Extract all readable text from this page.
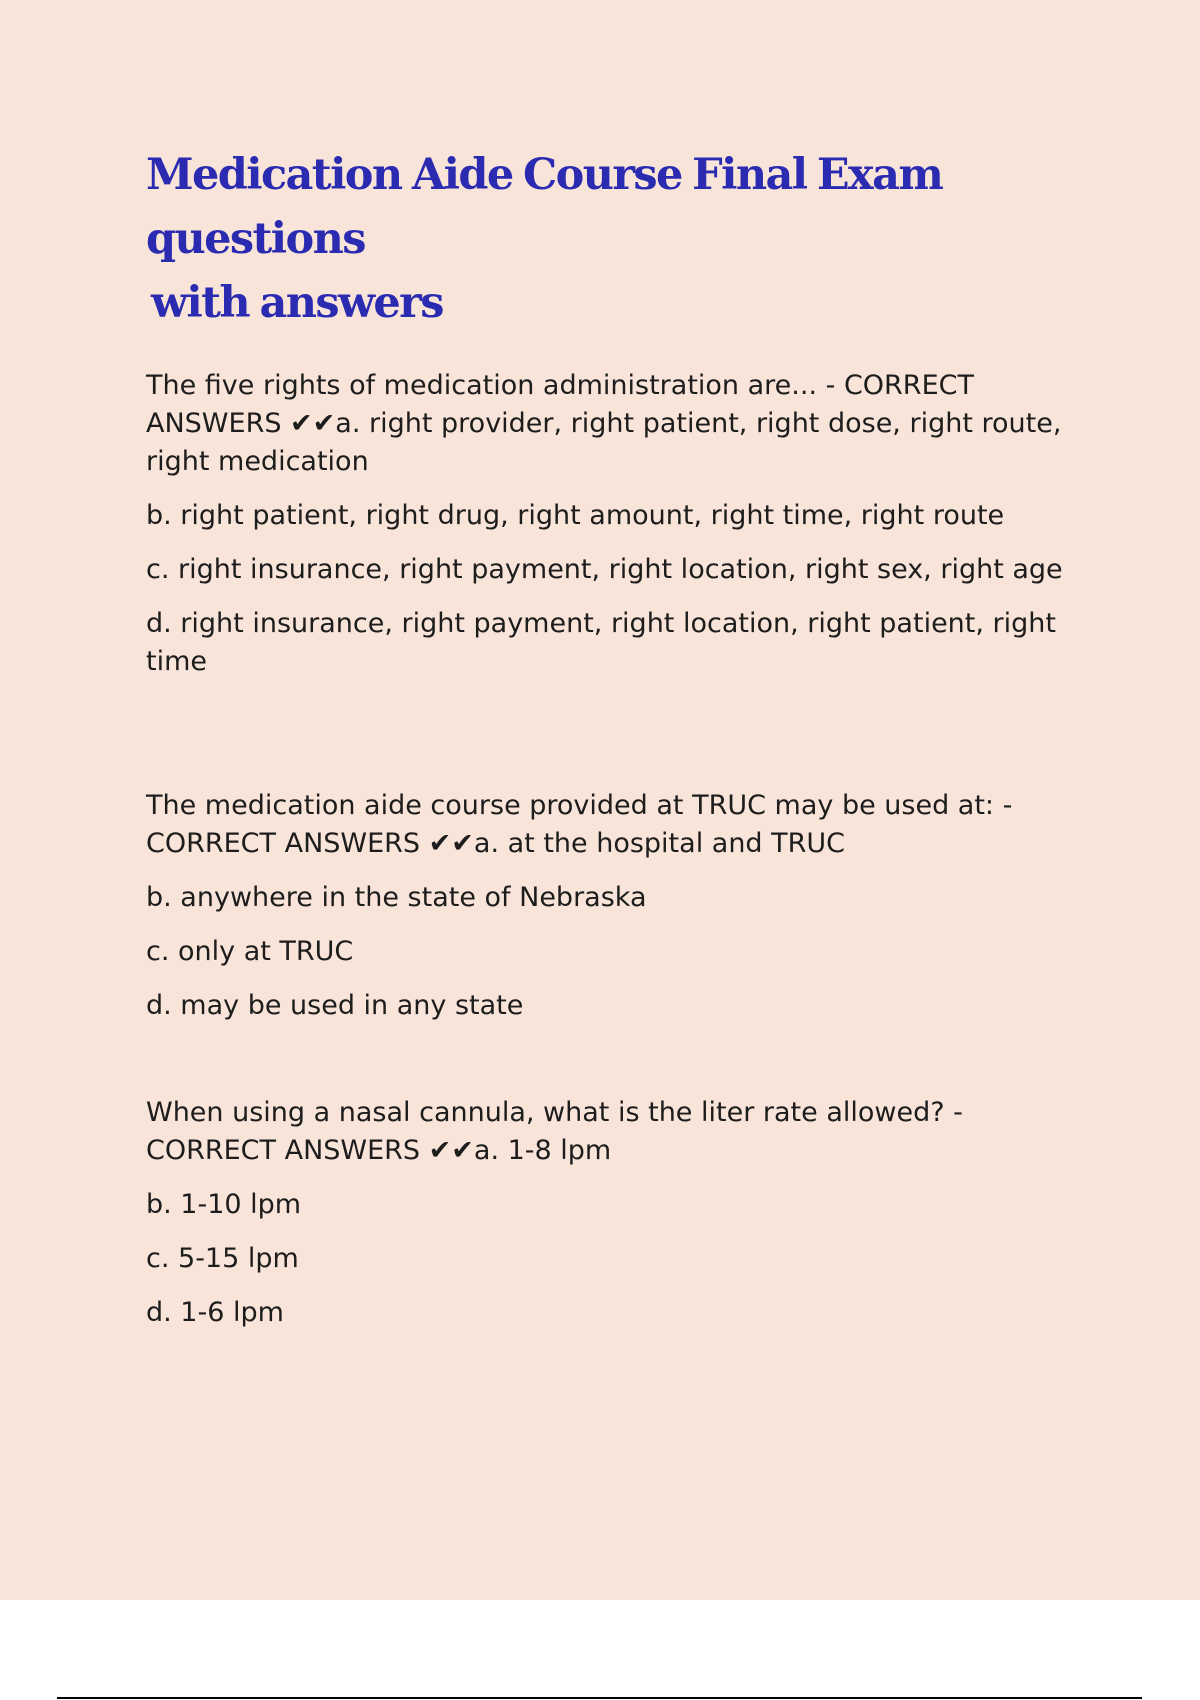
Medication Aide Course Final Exam questions
with answers

The five rights of medication administration are... - CORRECT ANSWERS ✔✔a. right provider, right patient, right dose, right route, right medication

b. right patient, right drug, right amount, right time, right route

c. right insurance, right payment, right location, right sex, right age

d. right insurance, right payment, right location, right patient, right time

The medication aide course provided at TRUC may be used at: - CORRECT ANSWERS ✔✔a. at the hospital and TRUC

b. anywhere in the state of Nebraska

c. only at TRUC

d. may be used in any state

When using a nasal cannula, what is the liter rate allowed? - CORRECT ANSWERS ✔✔a. 1-8 lpm

b. 1-10 lpm

c. 5-15 lpm

d. 1-6 lpm
